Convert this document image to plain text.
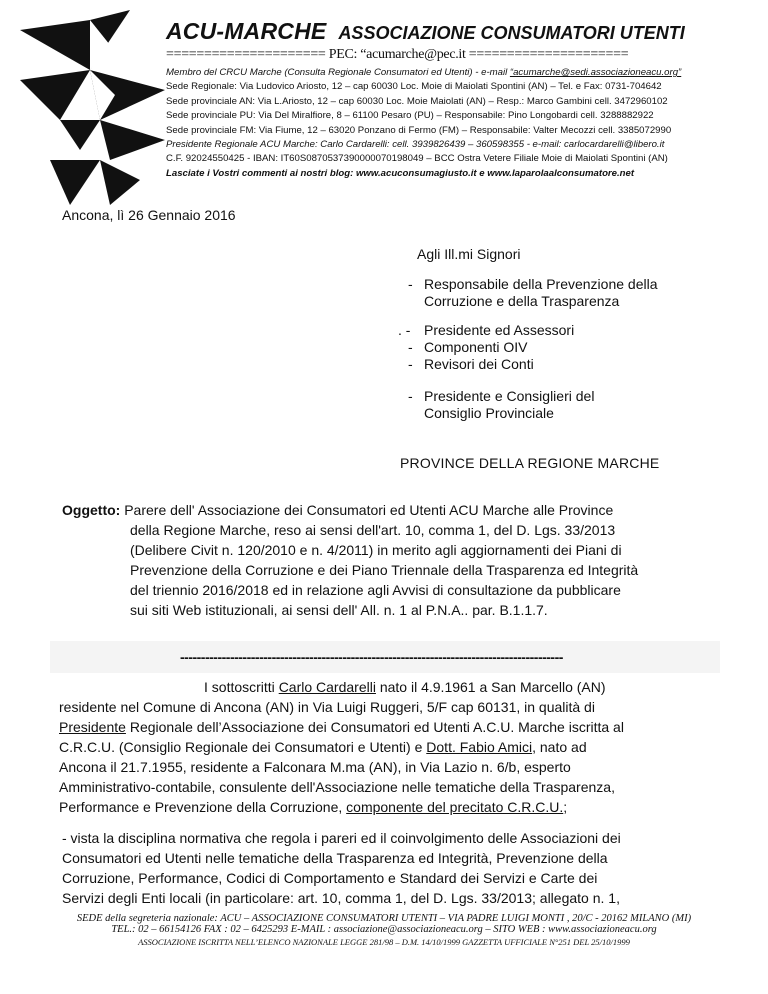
ACU-MARCHE ASSOCIAZIONE CONSUMATORI UTENTI
===================== PEC: “acumarche@pec.it =====================
Membro del CRCU Marche (Consulta Regionale Consumatori ed Utenti) - e-mail “acumarche@sedi.associazioneacu.org”
Sede Regionale: Via Ludovico Ariosto, 12 – cap 60030 Loc. Moie di Maiolati Spontini (AN) – Tel. e Fax: 0731-704642
Sede provinciale AN: Via L.Ariosto, 12 – cap 60030 Loc. Moie Maiolati (AN) – Resp.: Marco Gambini cell. 3472960102
Sede provinciale PU: Via Del Miralfiore, 8 – 61100 Pesaro (PU) – Responsabile: Pino Longobardi cell. 3288882922
Sede provinciale FM: Via Fiume, 12 – 63020 Ponzano di Fermo (FM) – Responsabile: Valter Mecozzi cell. 3385072990
Presidente Regionale ACU Marche: Carlo Cardarelli: cell. 3939826439 – 360598355 - e-mail: carlocardarelli@libero.it
C.F. 92024550425 - IBAN: IT60S0870537390000070198049 – BCC Ostra Vetere Filiale Moie di Maiolati Spontini (AN)
Lasciate i Vostri commenti ai nostri blog: www.acuconsumagiusto.it e www.laparolaalconsumatore.net
Ancona, lì 26 Gennaio 2016
Agli Ill.mi Signori
- Responsabile della Prevenzione della
Corruzione e della Trasparenza
. - Presidente ed Assessori
- Componenti OIV
- Revisori dei Conti
- Presidente e Consiglieri del
Consiglio Provinciale
PROVINCE DELLA REGIONE MARCHE
Oggetto: Parere dell' Associazione dei Consumatori ed Utenti ACU Marche alle Province
della Regione Marche, reso ai sensi dell'art. 10, comma 1, del D. Lgs. 33/2013
(Delibere Civit n. 120/2010 e n. 4/2011) in merito agli aggiornamenti dei Piani di
Prevenzione della Corruzione e dei Piano Triennale della Trasparenza ed Integrità
del triennio 2016/2018 ed in relazione agli Avvisi di consultazione da pubblicare
sui siti Web istituzionali, ai sensi dell' All. n. 1 al P.N.A.. par. B.1.1.7.
--------------------------------------------------------------------------------------------
I sottoscritti Carlo Cardarelli nato il 4.9.1961 a San Marcello (AN)
residente nel Comune di Ancona (AN) in Via Luigi Ruggeri, 5/F cap 60131, in qualità di
Presidente Regionale dell’Associazione dei Consumatori ed Utenti A.C.U. Marche iscritta al
C.R.C.U. (Consiglio Regionale dei Consumatori e Utenti) e Dott. Fabio Amici, nato ad
Ancona il 21.7.1955, residente a Falconara M.ma (AN), in Via Lazio n. 6/b, esperto
Amministrativo-contabile, consulente dell'Associazione nelle tematiche della Trasparenza,
Performance e Prevenzione della Corruzione, componente del precitato C.R.C.U.;
- vista la disciplina normativa che regola i pareri ed il coinvolgimento delle Associazioni dei
Consumatori ed Utenti nelle tematiche della Trasparenza ed Integrità, Prevenzione della
Corruzione, Performance, Codici di Comportamento e Standard dei Servizi e Carte dei
Servizi degli Enti locali (in particolare: art. 10, comma 1, del D. Lgs. 33/2013; allegato n. 1,
SEDE della segreteria nazionale: ACU – ASSOCIAZIONE CONSUMATORI UTENTI – VIA PADRE LUIGI MONTI , 20/C - 20162 MILANO (MI)
TEL.: 02 – 66154126 FAX : 02 – 6425293 E-MAIL : associazione@associazioneacu.org – SITO WEB : www.associazioneacu.org
ASSOCIAZIONE ISCRITTA NELL’ELENCO NAZIONALE LEGGE 281/98 – D.M. 14/10/1999 GAZZETTA UFFICIALE N°251 DEL 25/10/1999
